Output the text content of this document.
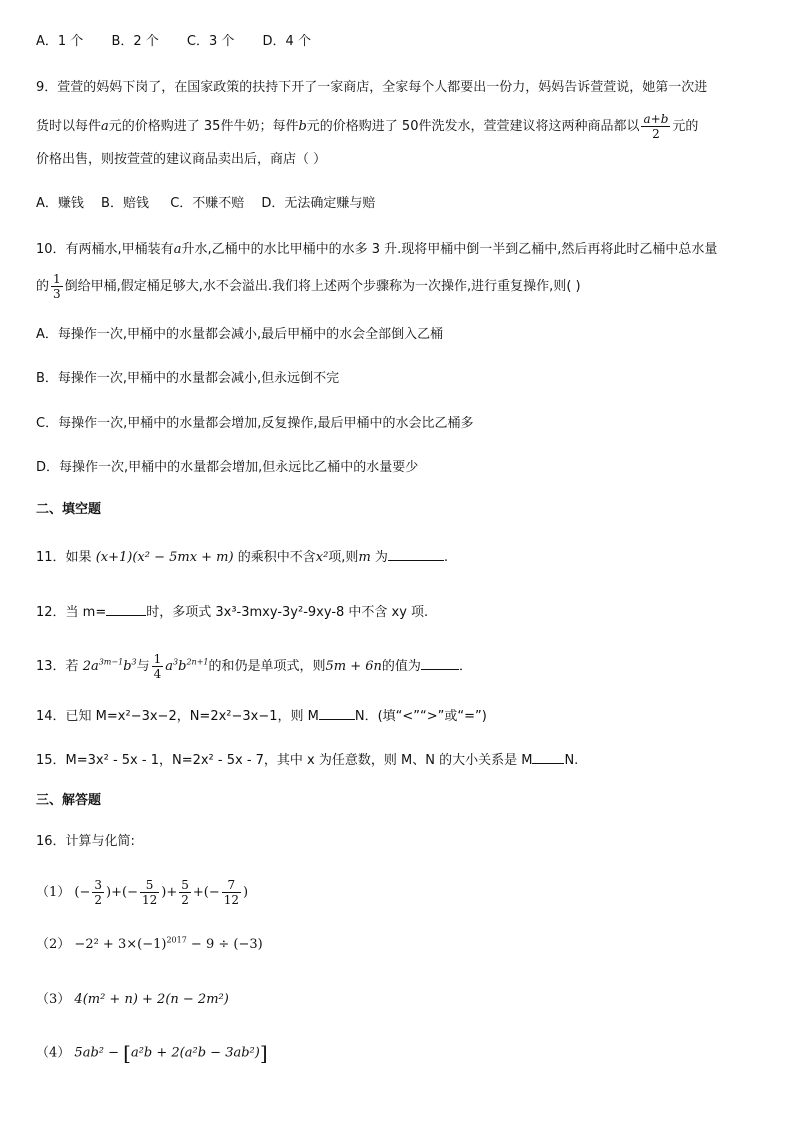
A．1 个 B．2 个 C．3 个 D．4 个
9．萱萱的妈妈下岗了，在国家政策的扶持下开了一家商店，全家每个人都要出一份力，妈妈告诉萱萱说，她第一次进
货时以每件a元的价格购进了 35件牛奶；每件b元的价格购进了 50件洗发水，萱萱建议将这两种商品都以 $\frac{a+b}{2}$ 元的
价格出售，则按萱萱的建议商品卖出后，商店（ ）
A．赚钱 　B．赔钱 　 C．不赚不赔 　D．无法确定赚与赔
10．有两桶水,甲桶装有a升水,乙桶中的水比甲桶中的水多 3 升.现将甲桶中倒一半到乙桶中,然后再将此时乙桶中总水量
的 $\frac{1}{3}$ 倒给甲桶,假定桶足够大,水不会溢出.我们将上述两个步骤称为一次操作,进行重复操作,则( )
A．每操作一次,甲桶中的水量都会减小,最后甲桶中的水会全部倒入乙桶
B．每操作一次,甲桶中的水量都会减小,但永远倒不完
C．每操作一次,甲桶中的水量都会增加,反复操作,最后甲桶中的水会比乙桶多
D．每操作一次,甲桶中的水量都会增加,但永远比乙桶中的水量要少
二、填空题
11．如果 (x+1)(x² − 5mx + m) 的乘积中不含x²项,则m 为	.
12．当 m=	时，多项式 3x³-3mxy-3y²-9xy-8 中不含 xy 项.
13．若 $2a^{3m-1}b^3$与 $\frac{1}{4} a^3b^{2n+1}$的和仍是单项式，则5m + 6n的值为	．
14．已知 M=x²−3x−2，N=2x²−3x−1，则 M	N．(填“<”“>”或“=”)
15．M=3x² - 5x - 1，N=2x² - 5x - 7，其中 x 为任意数，则 M、N 的大小关系是 M N.
三、解答题
16．计算与化简:
（1） (− $\frac{3}{2}$ )+(− $\frac{5}{12}$ )+ $\frac{5}{2}$ +(− $\frac{7}{12}$ )
$(2) -2^2 + 3\times(-1)^{2017} - 9 \div (-3)$
（3） 4(m² + n) + 2(n − 2m²)
（4） 5ab² − [a²b + 2(a²b − 3ab²)]
